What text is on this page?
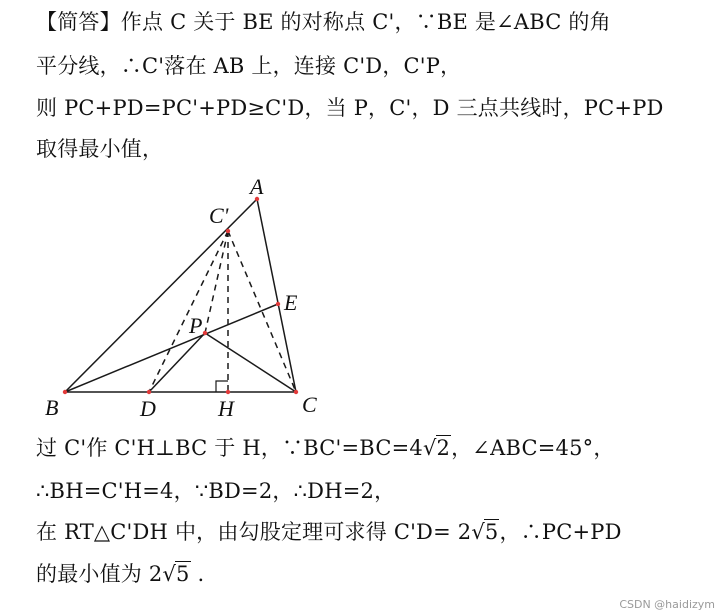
【简答】作点 C 关于 BE 的对称点 C'，∵BE 是∠ABC 的角
平分线，∴C'落在 AB 上，连接 C'D，C'P，
则 PC+PD=PC'+PD≥C'D，当 P，C'，D 三点共线时，PC+PD
取得最小值，
A
C'
E
P
B	D	H	C
过 C'作 C'H⊥BC 于 H，∵BC'=BC=4√2，∠ABC=45°，
∴BH=C'H=4，∵BD=2，∴DH=2，
在 RT△C'DH 中，由勾股定理可求得 C'D= 2√5，∴PC+PD
的最小值为 2√5 .
CSDN @haidizym
